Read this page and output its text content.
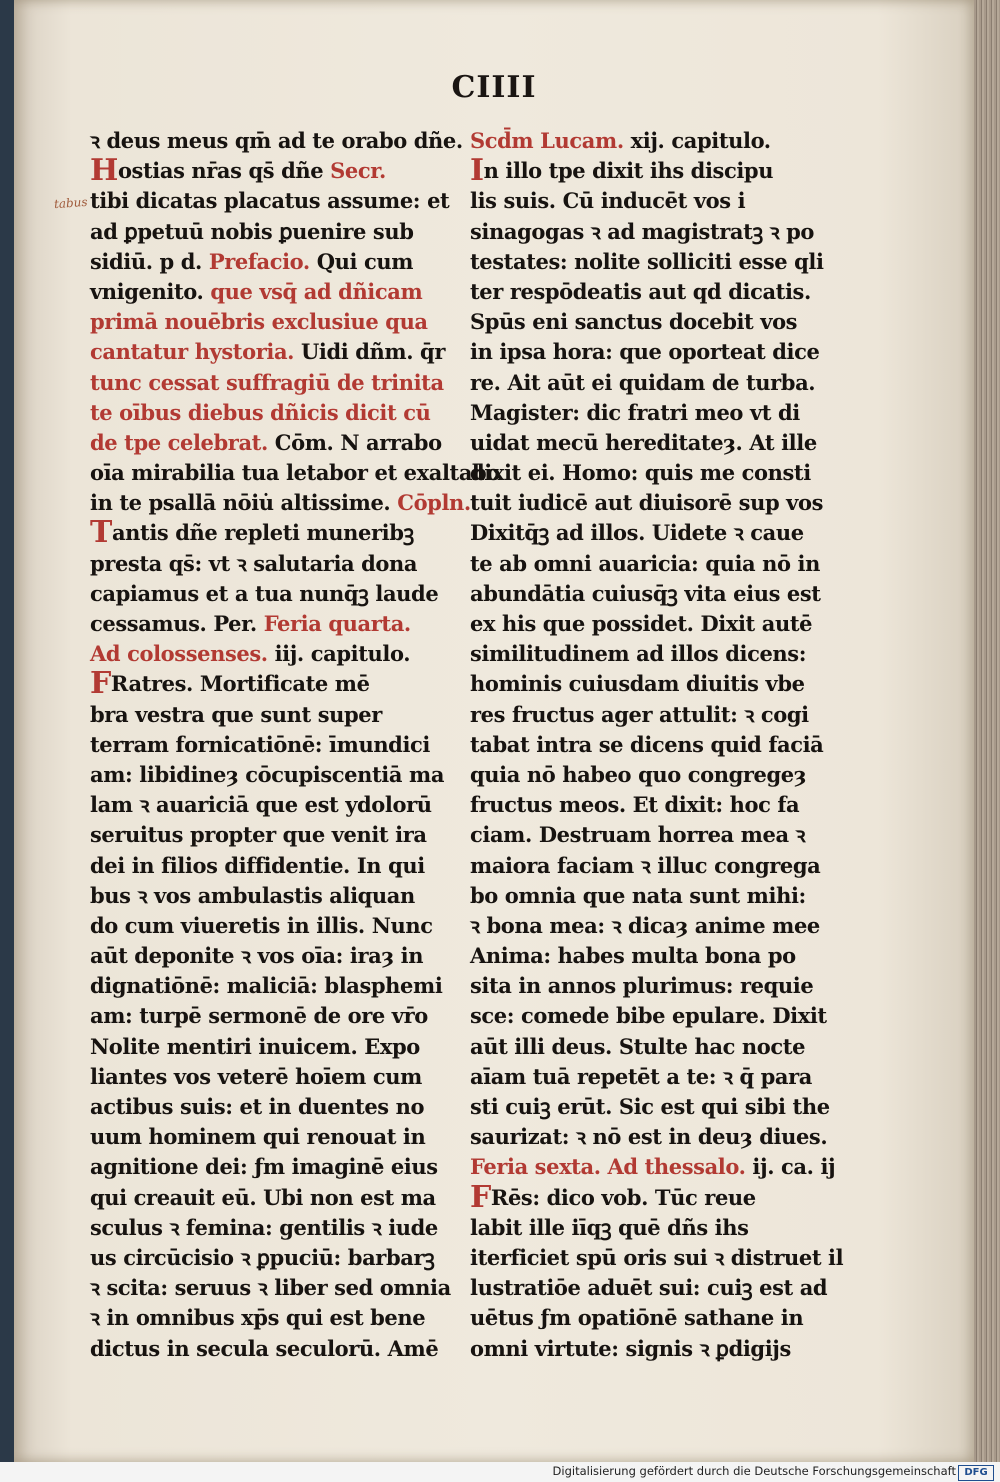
CIIII
tabus
ꝛ deus meus qm̄ ad te orabo dñe.
Hostias nr̄as qs̄ dñe Secr.
tibi dicatas placatus assume: et
ad ꝑpetuū nobis ꝑuenire sub
sidiū. p d. Prefacio. Qui cum
vnigenito. que vsq̄ ad dñicam
primā nouēbris exclusiue qua
cantatur hystoria. Uidi dñm. q̄r
tunc cessat suffragiū de trinita
te oībus diebus dñicis dicit cū
de tpe celebrat. Cōm. N arrabo
oīa mirabilia tua letabor et exaltabo
in te psallā nōiu̇ altissime. Cōpln.
Tantis dñe repleti muneribꝫ
presta qs̄: vt ꝛ salutaria dona
capiamus et a tua nunq̄ꝫ laude
cessamus. Per. Feria quarta.
Ad colossenses. iij. capitulo.
FRatres. Mortificate mē
bra vestra que sunt super
terram fornicatiōnē: īmundici
am: libidineȝ cōcupiscentiā ma
lam ꝛ auariciā que est ydolorū
seruitus propter que venit ira
dei in filios diffidentie. In qui
bus ꝛ vos ambulastis aliquan
do cum viueretis in illis. Nunc
aūt deponite ꝛ vos oīa: iraȝ in
dignatiōnē: maliciā: blasphemi
am: turpē sermonē de ore vr̄o
Nolite mentiri inuicem. Expo
liantes vos veterē hoīem cum
actibus suis: et in duentes no
uum hominem qui renouat in
agnitione dei: ƒm imaginē eius
qui creauit eū. Ubi non est ma
sculus ꝛ femina: gentilis ꝛ iude
us circūcisio ꝛ ꝑpuciū: barbarꝫ
ꝛ scita: seruus ꝛ liber sed omnia
ꝛ in omnibus xp̄s qui est bene
dictus in secula seculorū. Amē
Scd̄m Lucam. xij. capitulo.
In illo tpe dixit ihs discipu
lis suis. Cū inducēt vos i
sinagogas ꝛ ad magistratꝫ ꝛ po
testates: nolite solliciti esse qli
ter respōdeatis aut qd dicatis.
Spūs eni sanctus docebit vos
in ipsa hora: que oporteat dice
re. Ait aūt ei quidam de turba.
Magister: dic fratri meo vt di
uidat mecū hereditateȝ. At ille
dixit ei. Homo: quis me consti
tuit iudicē aut diuisorē sup vos
Dixitq̄ꝫ ad illos. Uidete ꝛ caue
te ab omni auaricia: quia nō in
abundātia cuiusq̄ꝫ vita eius est
ex his que possidet. Dixit autē
similitudinem ad illos dicens:
hominis cuiusdam diuitis vbe
res fructus ager attulit: ꝛ cogi
tabat intra se dicens quid faciā
quia nō habeo quo congregeȝ
fructus meos. Et dixit: hoc fa
ciam. Destruam horrea mea ꝛ
maiora faciam ꝛ illuc congrega
bo omnia que nata sunt mihi:
ꝛ bona mea: ꝛ dicaȝ anime mee
Anima: habes multa bona po
sita in annos plurimus: requie
sce: comede bibe epulare. Dixit
aūt illi deus. Stulte hac nocte
aīam tuā repetēt a te: ꝛ q̄ para
sti cuiꝫ erūt. Sic est qui sibi the
saurizat: ꝛ nō est in deuȝ diues.
Feria sexta. Ad thessalo. ij. ca. ij
FRēs: dico vob. Tūc reue
labit ille iīqꝫ quē dñs ihs
iterficiet spū oris sui ꝛ distruet il
lustratiōe aduēt sui: cuiꝫ est ad
uētus ƒm opatiōnē sathane in
omni virtute: signis ꝛ ꝑdigijs
Digitalisierung gefördert durch die Deutsche Forschungsgemeinschaft DFG
